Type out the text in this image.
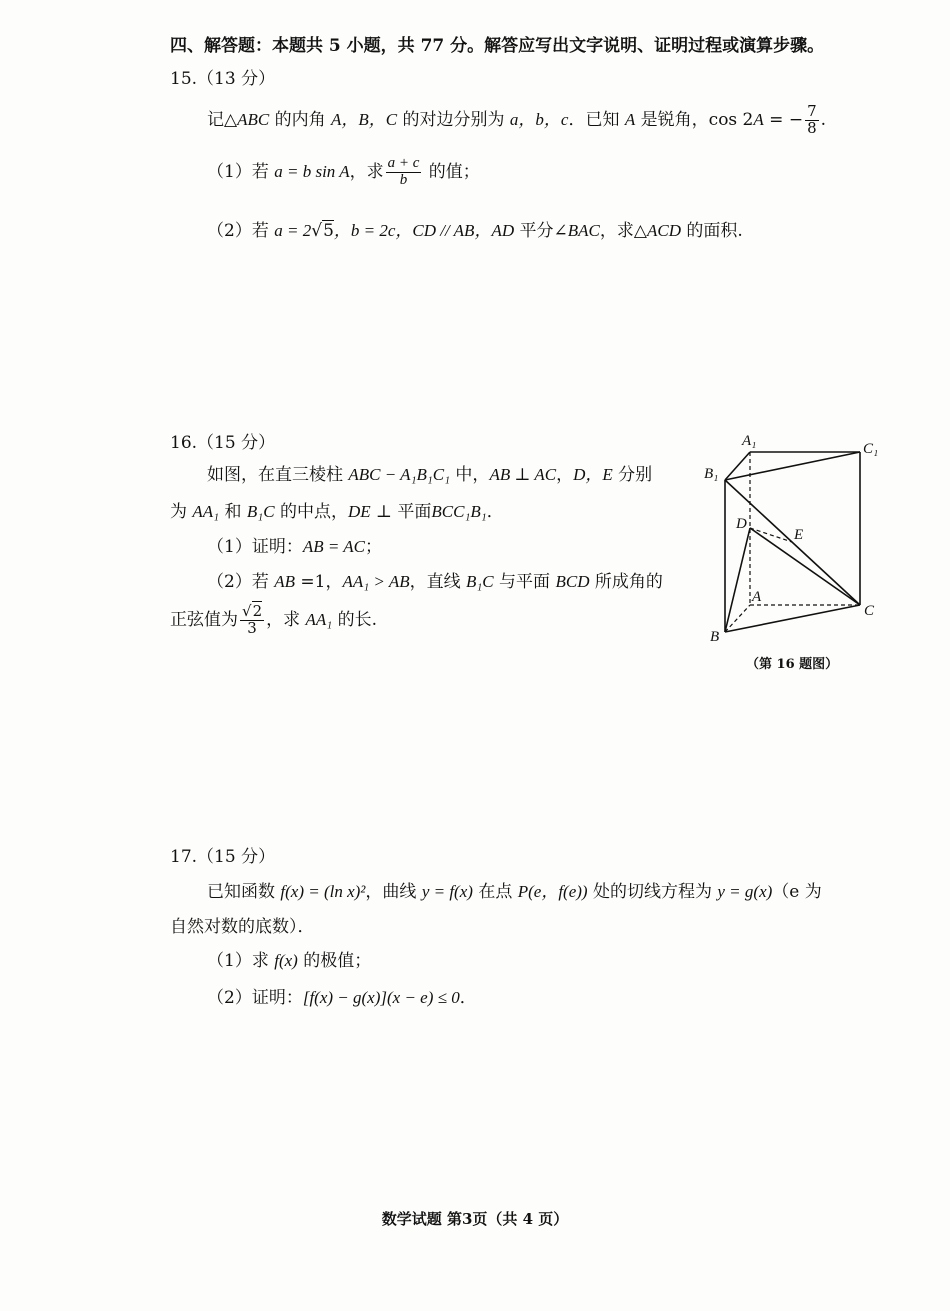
四、解答题：本题共 5 小题，共 77 分。解答应写出文字说明、证明过程或演算步骤。
15.（13 分）
记△ABC 的内角 A，B，C 的对边分别为 a，b，c．已知 A 是锐角，cos 2A = − $\frac{7}{8}$ .
（1）若 a = b sin A，求 $\frac{a + c}{b}$ 的值；
（2）若 a = 2√5，b = 2c，CD // AB，AD 平分∠BAC，求△ACD 的面积.
16.（15 分）
如图，在直三棱柱 ABC − A₁B₁C₁ 中，AB ⊥ AC，D，E 分别
为 AA₁ 和 B₁C 的中点，DE ⊥ 平面BCC₁B₁．
（1）证明：AB = AC；
（2）若 AB =1，AA₁ > AB，直线 B₁C 与平面 BCD 所成角的
正弦值为 $\frac{√2}{3}$ ，求 AA₁ 的长.
A₁	C₁
B₁
D
E
A
B
C
（第 16 题图）
17.（15 分）
已知函数 f(x) = (ln x)²，曲线 y = f(x) 在点 P(e，f(e)) 处的切线方程为 y = g(x)（e 为
自然对数的底数）．
（1）求 f(x) 的极值；
（2）证明：[f(x) − g(x)](x − e) ≤ 0．
数学试题 第3页（共 4 页）
